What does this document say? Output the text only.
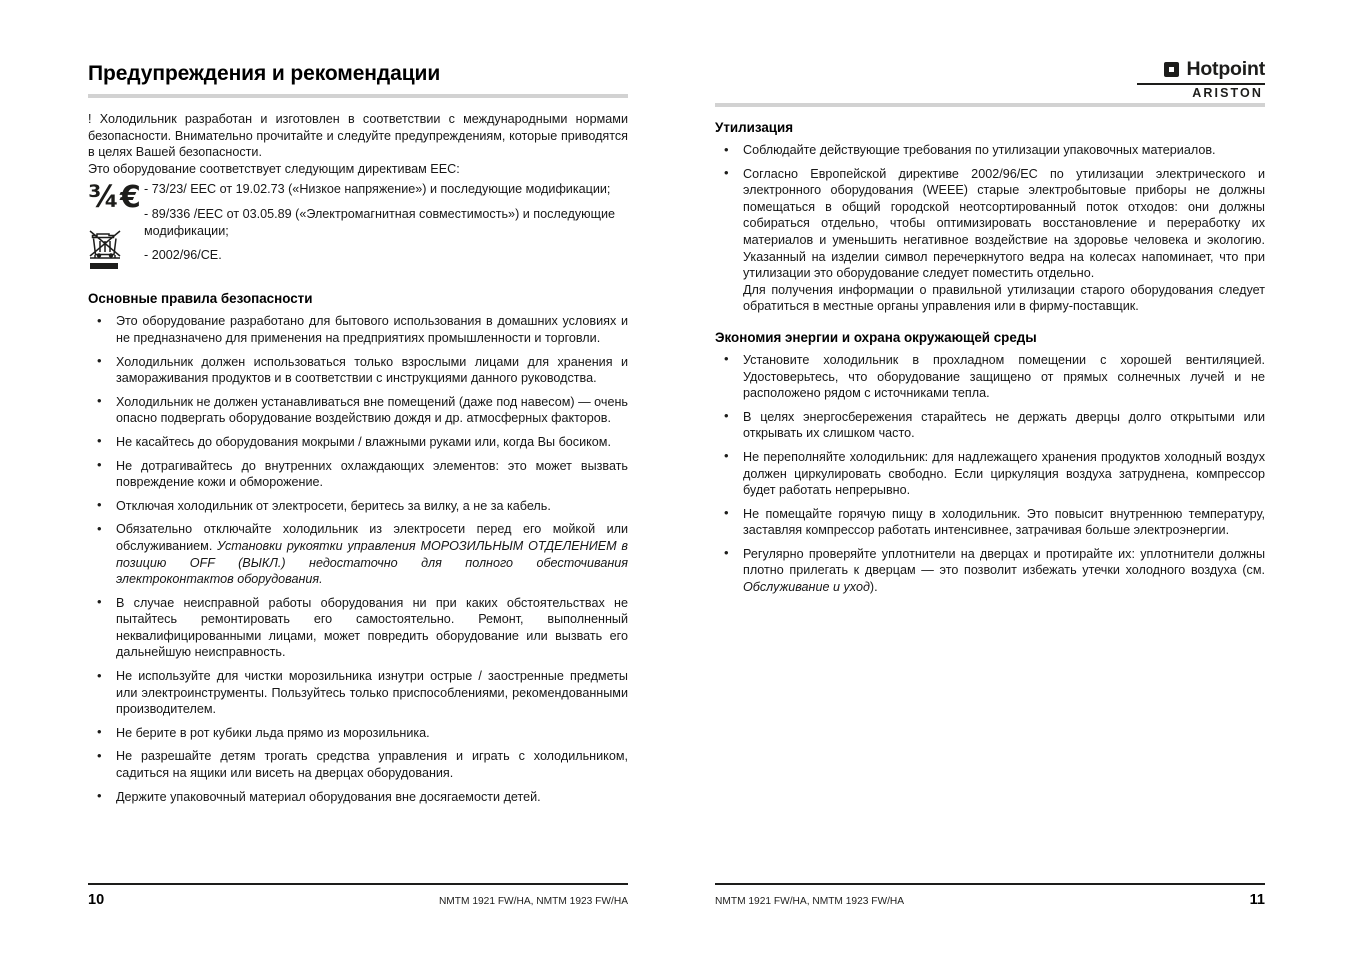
Предупреждения и рекомендации

! Холодильник разработан и изготовлен в соответствии с международными нормами безопасности. Внимательно прочитайте и следуйте предупреждениям, которые приводятся в целях Вашей безопасности.

Это оборудование соответствует следующим директивам ЕЕС:

¾€ - 73/23/ ЕЕС от 19.02.73 («Низкое напряжение») и последующие модификации;
- 89/336 /ЕЕС от 03.05.89 («Электромагнитная совместимость») и последующие модификации;
- 2002/96/СЕ.
Основные правила безопасности
• Это оборудование разработано для бытового использования в домашних условиях и не предназначено для применения на предприятиях промышленности и торговли.
• Холодильник должен использоваться только взрослыми лицами для хранения и замораживания продуктов и в соответствии с инструкциями данного руководства.
• Холодильник не должен устанавливаться вне помещений (даже под навесом) — очень опасно подвергать оборудование воздействию дождя и др. атмосферных факторов.
• Не касайтесь до оборудования мокрыми / влажными руками или, когда Вы босиком.
• Не дотрагивайтесь до внутренних охлаждающих элементов: это может вызвать повреждение кожи и обморожение.
• Отключая холодильник от электросети, беритесь за вилку, а не за кабель.
• Обязательно отключайте холодильник из электросети перед его мойкой или обслуживанием. Установки рукоятки управления МОРОЗИЛЬНЫМ ОТДЕЛЕНИЕМ в позицию OFF (ВЫКЛ.) недостаточно для полного обесточивания электроконтактов оборудования.
• В случае неисправной работы оборудования ни при каких обстоятельствах не пытайтесь ремонтировать его самостоятельно. Ремонт, выполненный неквалифицированными лицами, может повредить оборудование или вызвать его дальнейшую неисправность.
• Не используйте для чистки морозильника изнутри острые / заостренные предметы или электроинструменты. Пользуйтесь только приспособлениями, рекомендованными производителем.
• Не берите в рот кубики льда прямо из морозильника.
• Не разрешайте детям трогать средства управления и играть с холодильником, садиться на ящики или висеть на дверцах оборудования.
• Держите упаковочный материал оборудования вне досягаемости детей.
10	NMTM 1921 FW/HA, NMTM 1923 FW/HA
Hotpoint
ARISTON
Утилизация
• Соблюдайте действующие требования по утилизации упаковочных материалов.
• Согласно Европейской директиве 2002/96/ЕС по утилизации электрического и электронного оборудования (WEEE) старые электробытовые приборы не должны помещаться в общий городской неотсортированный поток отходов: они должны собираться отдельно, чтобы оптимизировать восстановление и переработку их материалов и уменьшить негативное воздействие на здоровье человека и экологию. Указанный на изделии символ перечеркнутого ведра на колесах напоминает, что при утилизации это оборудование следует поместить отдельно.
Для получения информации о правильной утилизации старого оборудования следует обратиться в местные органы управления или в фирму-поставщик.
Экономия энергии и охрана окружающей среды
• Установите холодильник в прохладном помещении с хорошей вентиляцией. Удостоверьтесь, что оборудование защищено от прямых солнечных лучей и не расположено рядом с источниками тепла.
• В целях энергосбережения старайтесь не держать дверцы долго открытыми или открывать их слишком часто.
• Не переполняйте холодильник: для надлежащего хранения продуктов холодный воздух должен циркулировать свободно. Если циркуляция воздуха затруднена, компрессор будет работать непрерывно.
• Не помещайте горячую пищу в холодильник. Это повысит внутреннюю температуру, заставляя компрессор работать интенсивнее, затрачивая больше электроэнергии.
• Регулярно проверяйте уплотнители на дверцах и протирайте их: уплотнители должны плотно прилегать к дверцам — это позволит избежать утечки холодного воздуха (см. Обслуживание и уход).
NMTM 1921 FW/HA, NMTM 1923 FW/HA	11
